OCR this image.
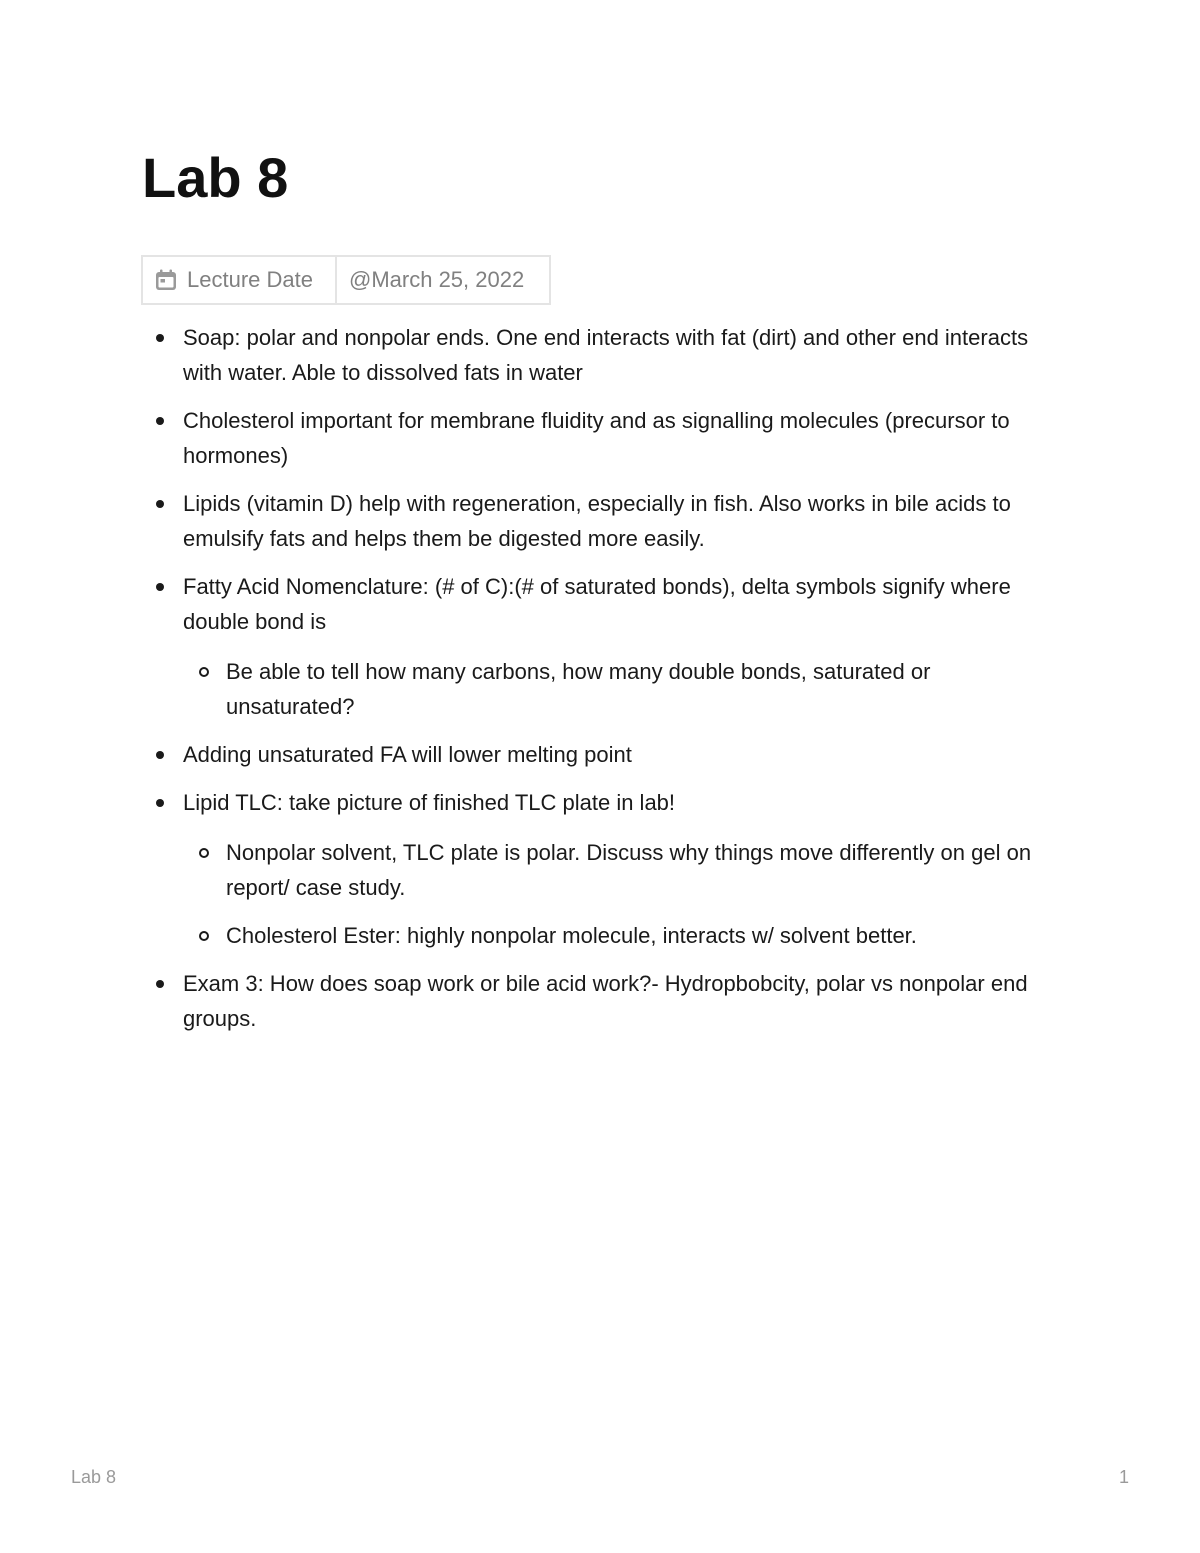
Lab 8
Lecture Date	@March 25, 2022
Soap: polar and nonpolar ends. One end interacts with fat (dirt) and other end interacts with water. Able to dissolved fats in water
Cholesterol important for membrane fluidity and as signalling molecules (precursor to hormones)
Lipids (vitamin D) help with regeneration, especially in fish. Also works in bile acids to emulsify fats and helps them be digested more easily.
Fatty Acid Nomenclature: (# of C):(# of saturated bonds), delta symbols signify where double bond is
Be able to tell how many carbons, how many double bonds, saturated or unsaturated?
Adding unsaturated FA will lower melting point
Lipid TLC: take picture of finished TLC plate in lab!
Nonpolar solvent, TLC plate is polar. Discuss why things move differently on gel on report/ case study.
Cholesterol Ester: highly nonpolar molecule, interacts w/ solvent better.
Exam 3: How does soap work or bile acid work?- Hydropbobcity, polar vs nonpolar end groups.
Lab 8	1
